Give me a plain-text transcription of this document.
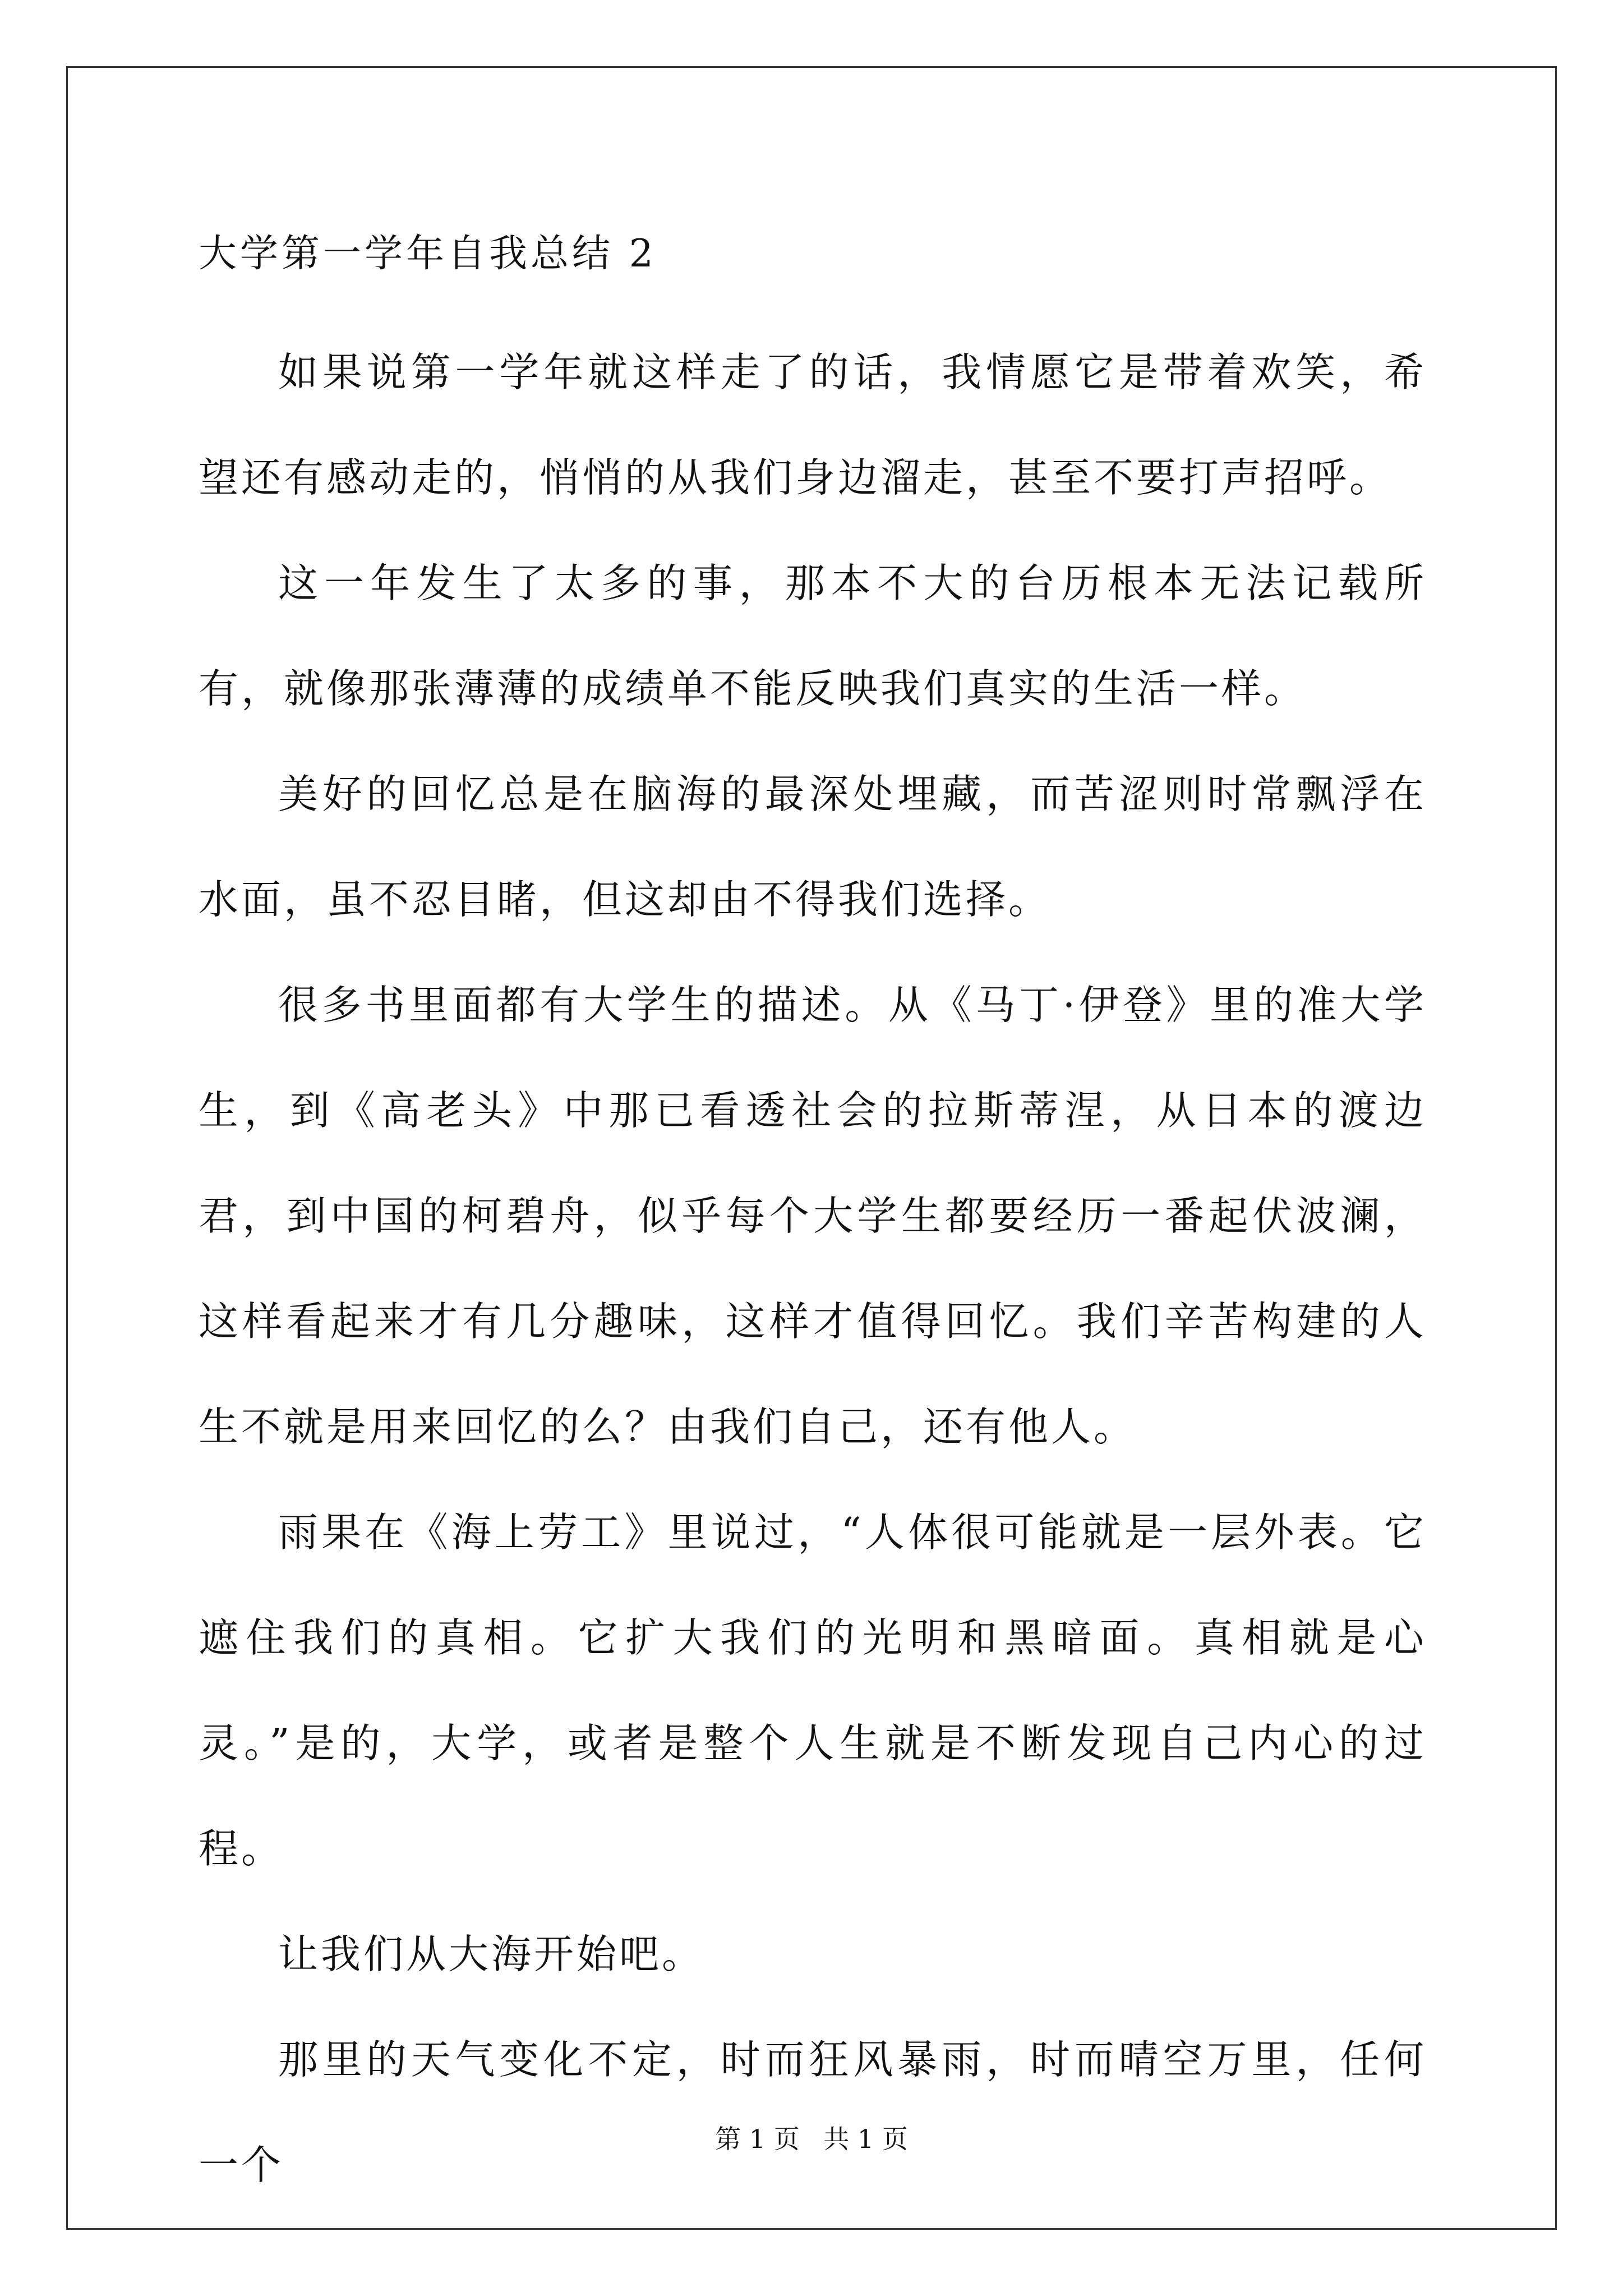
大学第一学年自我总结 2

如果说第一学年就这样走了的话，我情愿它是带着欢笑，希望还有感动走的，悄悄的从我们身边溜走，甚至不要打声招呼。

这一年发生了太多的事，那本不大的台历根本无法记载所有，就像那张薄薄的成绩单不能反映我们真实的生活一样。

美好的回忆总是在脑海的最深处埋藏，而苦涩则时常飘浮在水面，虽不忍目睹，但这却由不得我们选择。

很多书里面都有大学生的描述。从《马丁·伊登》里的准大学生，到《高老头》中那已看透社会的拉斯蒂涅，从日本的渡边君，到中国的柯碧舟，似乎每个大学生都要经历一番起伏波澜，这样看起来才有几分趣味，这样才值得回忆。我们辛苦构建的人生不就是用来回忆的么？由我们自己，还有他人。

雨果在《海上劳工》里说过，“人体很可能就是一层外表。它遮住我们的真相。它扩大我们的光明和黑暗面。真相就是心灵。”是的，大学，或者是整个人生就是不断发现自己内心的过程。

让我们从大海开始吧。

那里的天气变化不定，时而狂风暴雨，时而晴空万里，任何一个

第 1 页 共 1 页
